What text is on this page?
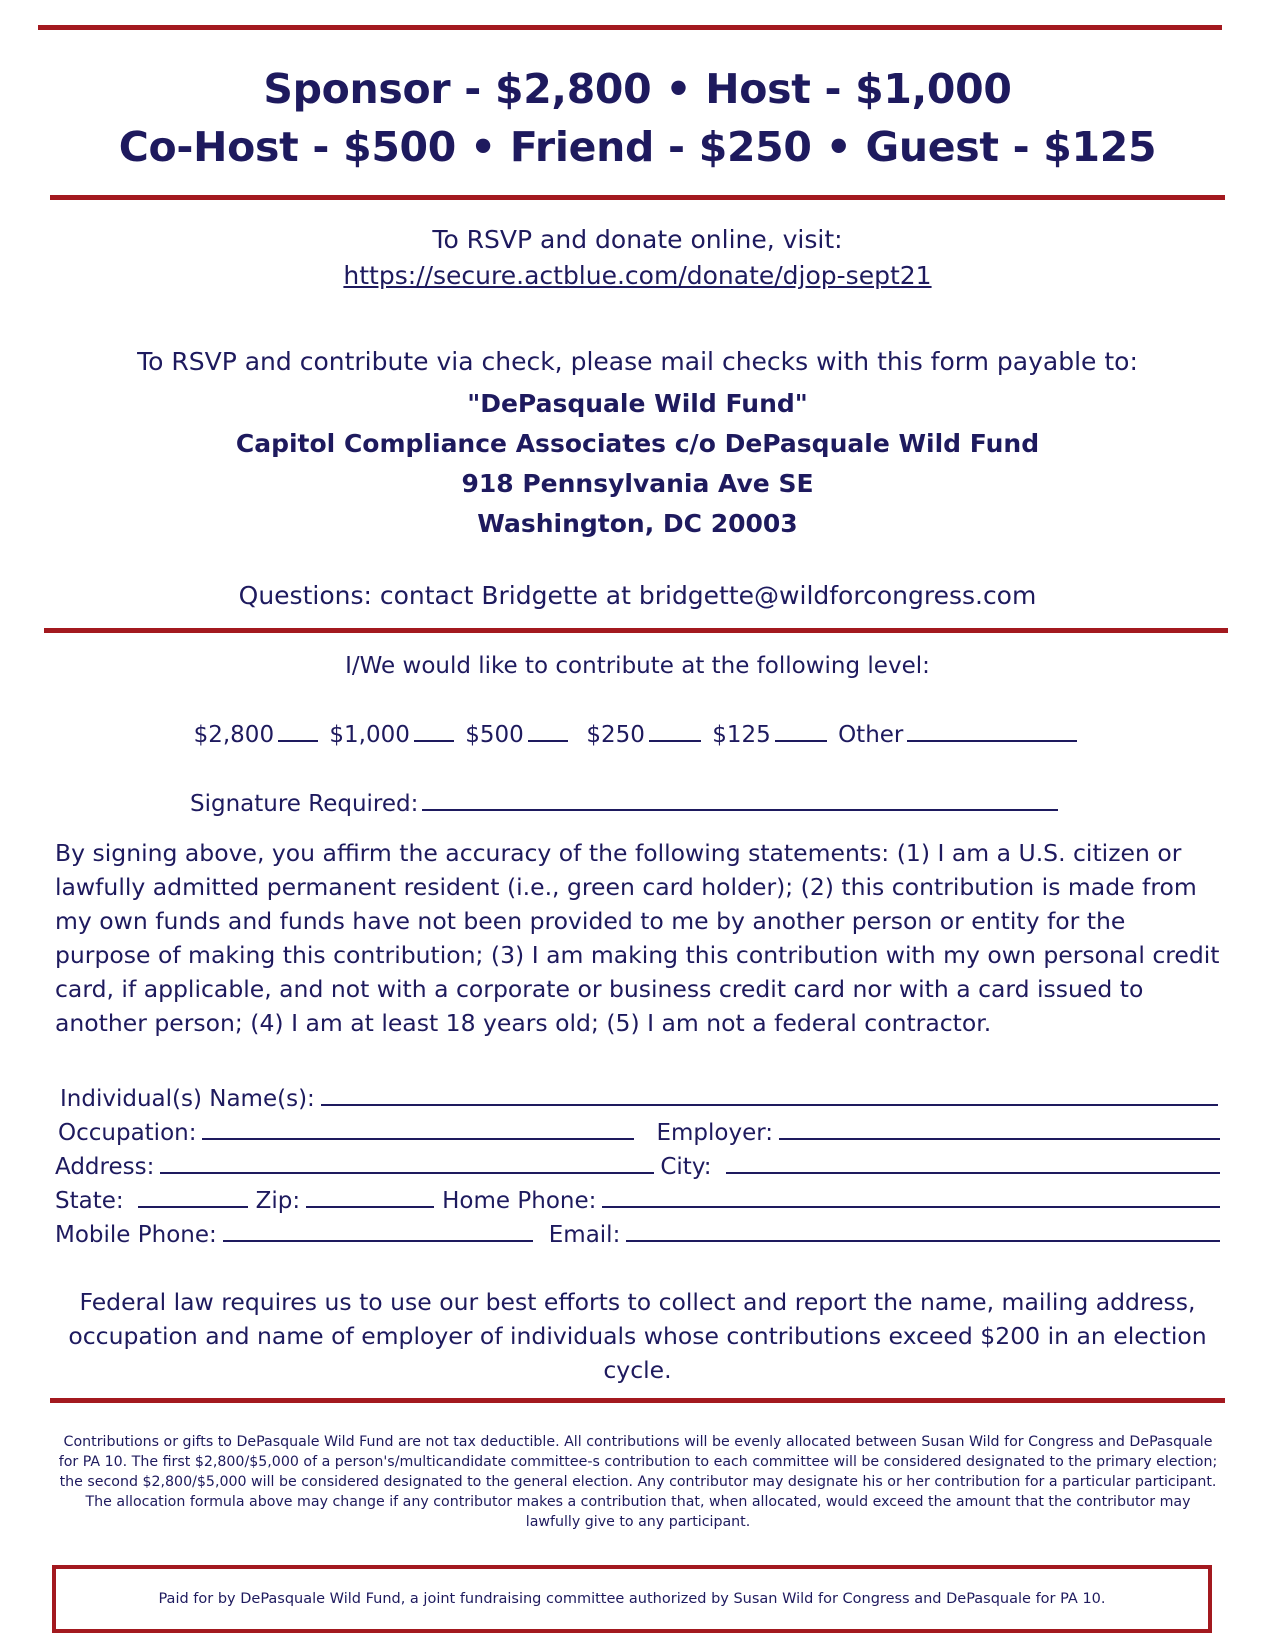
Sponsor - $2,800 • Host - $1,000
Co-Host - $500 • Friend - $250 • Guest - $125
To RSVP and donate online, visit:
https://secure.actblue.com/donate/djop-sept21
To RSVP and contribute via check, please mail checks with this form payable to:
"DePasquale Wild Fund"
Capitol Compliance Associates c/o DePasquale Wild Fund
918 Pennsylvania Ave SE
Washington, DC 20003
Questions: contact Bridgette at bridgette@wildforcongress.com
I/We would like to contribute at the following level:
$2,800 $1,000 $500	$250	$125	Other
Signature Required:
By signing above, you affirm the accuracy of the following statements: (1) I am a U.S. citizen or lawfully admitted permanent resident (i.e., green card holder); (2) this contribution is made from my own funds and funds have not been provided to me by another person or entity for the purpose of making this contribution; (3) I am making this contribution with my own personal credit card, if applicable, and not with a corporate or business credit card nor with a card issued to another person; (4) I am at least 18 years old; (5) I am not a federal contractor.
Individual(s) Name(s):
Occupation:	Employer:
Address:	City:
State:	Zip:	Home Phone:
Mobile Phone:	Email:
Federal law requires us to use our best efforts to collect and report the name, mailing address, occupation and name of employer of individuals whose contributions exceed $200 in an election cycle.
Contributions or gifts to DePasquale Wild Fund are not tax deductible. All contributions will be evenly allocated between Susan Wild for Congress and DePasquale for PA 10. The first $2,800/$5,000 of a person's/multicandidate committee-s contribution to each committee will be considered designated to the primary election; the second $2,800/$5,000 will be considered designated to the general election. Any contributor may designate his or her contribution for a particular participant. The allocation formula above may change if any contributor makes a contribution that, when allocated, would exceed the amount that the contributor may lawfully give to any participant.
Paid for by DePasquale Wild Fund, a joint fundraising committee authorized by Susan Wild for Congress and DePasquale for PA 10.
